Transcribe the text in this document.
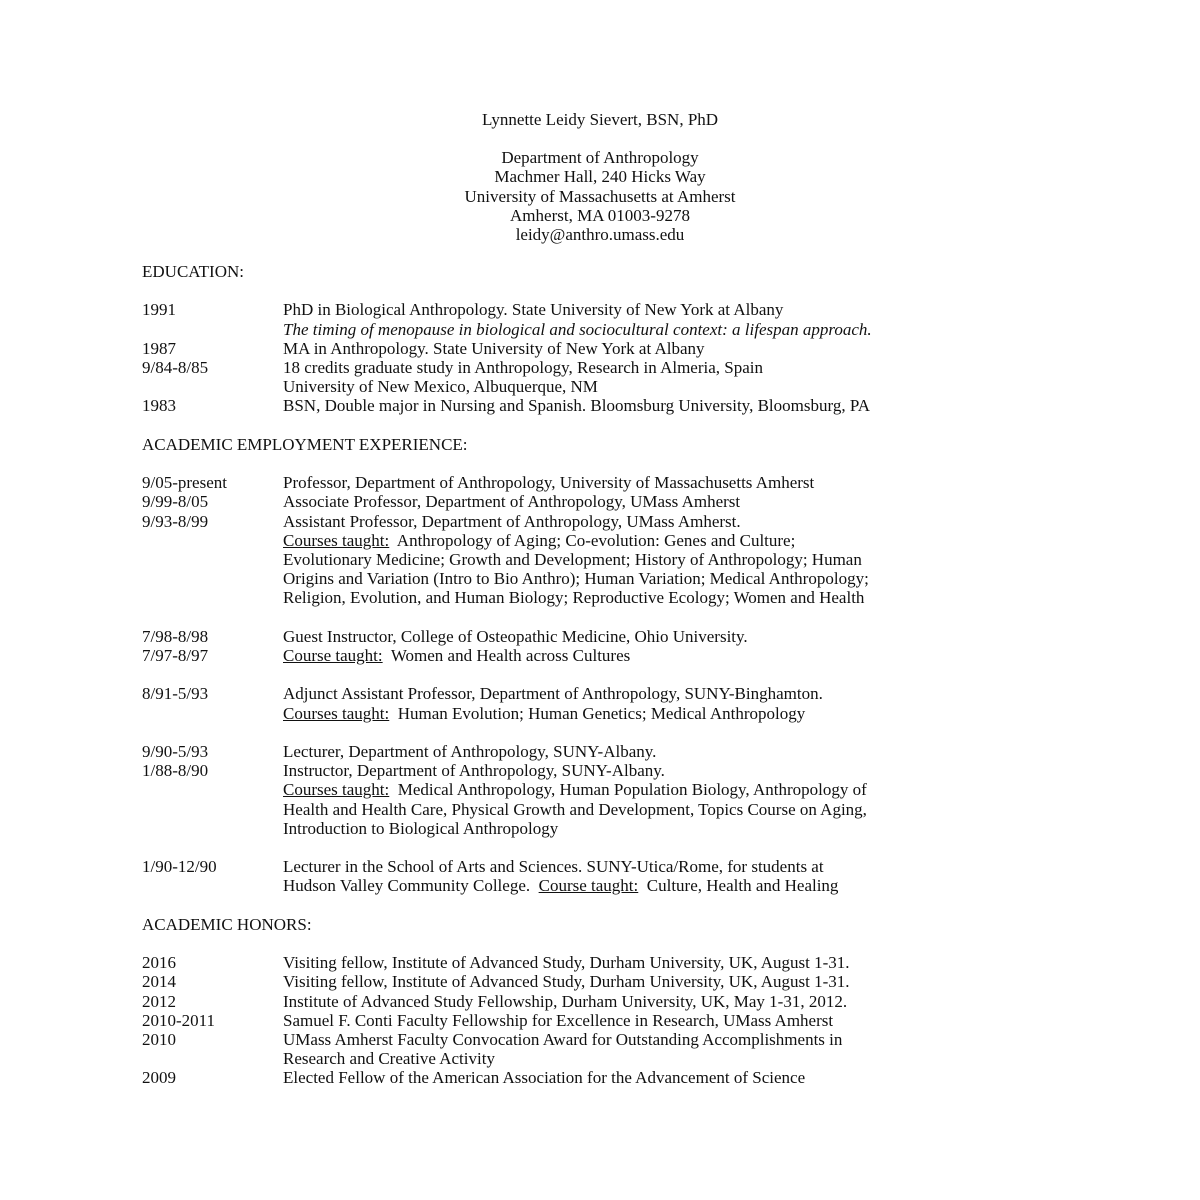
Lynnette Leidy Sievert, BSN, PhD
Department of Anthropology
Machmer Hall, 240 Hicks Way
University of Massachusetts at Amherst
Amherst, MA 01003-9278
leidy@anthro.umass.edu
EDUCATION:
1991	PhD in Biological Anthropology. State University of New York at Albany
The timing of menopause in biological and sociocultural context: a lifespan approach.
1987	MA in Anthropology. State University of New York at Albany
9/84-8/85	18 credits graduate study in Anthropology, Research in Almeria, Spain
University of New Mexico, Albuquerque, NM
1983	BSN, Double major in Nursing and Spanish. Bloomsburg University, Bloomsburg, PA
ACADEMIC EMPLOYMENT EXPERIENCE:
9/05-present	Professor, Department of Anthropology, University of Massachusetts Amherst
9/99-8/05	Associate Professor, Department of Anthropology, UMass Amherst
9/93-8/99	Assistant Professor, Department of Anthropology, UMass Amherst.
Courses taught:  Anthropology of Aging; Co-evolution: Genes and Culture;
Evolutionary Medicine; Growth and Development; History of Anthropology; Human
Origins and Variation (Intro to Bio Anthro); Human Variation; Medical Anthropology;
Religion, Evolution, and Human Biology; Reproductive Ecology; Women and Health
7/98-8/98	Guest Instructor, College of Osteopathic Medicine, Ohio University.
7/97-8/97	Course taught:  Women and Health across Cultures
8/91-5/93	Adjunct Assistant Professor, Department of Anthropology, SUNY-Binghamton.
Courses taught:  Human Evolution; Human Genetics; Medical Anthropology
9/90-5/93	Lecturer, Department of Anthropology, SUNY-Albany.
1/88-8/90	Instructor, Department of Anthropology, SUNY-Albany.
Courses taught:  Medical Anthropology, Human Population Biology, Anthropology of
Health and Health Care, Physical Growth and Development, Topics Course on Aging,
Introduction to Biological Anthropology
1/90-12/90	Lecturer in the School of Arts and Sciences. SUNY-Utica/Rome, for students at
Hudson Valley Community College.  Course taught:  Culture, Health and Healing
ACADEMIC HONORS:
2016	Visiting fellow, Institute of Advanced Study, Durham University, UK, August 1-31.
2014	Visiting fellow, Institute of Advanced Study, Durham University, UK, August 1-31.
2012	Institute of Advanced Study Fellowship, Durham University, UK, May 1-31, 2012.
2010-2011	Samuel F. Conti Faculty Fellowship for Excellence in Research, UMass Amherst
2010	UMass Amherst Faculty Convocation Award for Outstanding Accomplishments in
Research and Creative Activity
2009	Elected Fellow of the American Association for the Advancement of Science
